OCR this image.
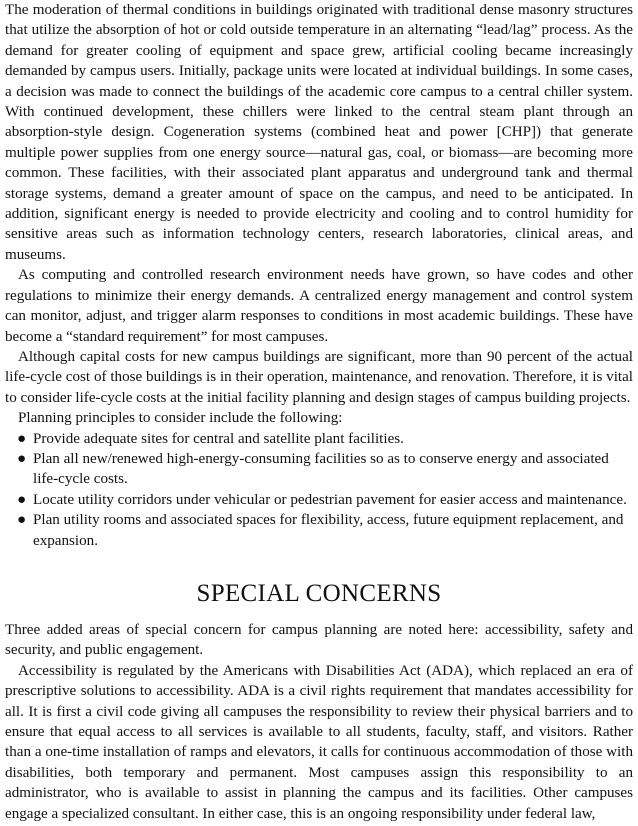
The moderation of thermal conditions in buildings originated with traditional dense masonry structures that utilize the absorption of hot or cold outside temperature in an alternating “lead/lag” process. As the demand for greater cooling of equipment and space grew, artificial cooling became increasingly demanded by campus users. Initially, package units were located at individual buildings. In some cases, a decision was made to connect the buildings of the academic core campus to a central chiller system. With continued development, these chillers were linked to the central steam plant through an absorption-style design. Cogeneration systems (combined heat and power [CHP]) that generate multiple power supplies from one energy source—natural gas, coal, or biomass—are becoming more common. These facilities, with their associated plant apparatus and underground tank and thermal storage systems, demand a greater amount of space on the campus, and need to be anticipated. In addition, significant energy is needed to provide electricity and cooling and to control humidity for sensitive areas such as information technology centers, research laboratories, clinical areas, and museums.

As computing and controlled research environment needs have grown, so have codes and other regulations to minimize their energy demands. A centralized energy management and control system can monitor, adjust, and trigger alarm responses to conditions in most academic buildings. These have become a “standard requirement” for most campuses.

Although capital costs for new campus buildings are significant, more than 90 percent of the actual life-cycle cost of those buildings is in their operation, maintenance, and renovation. Therefore, it is vital to consider life-cycle costs at the initial facility planning and design stages of campus building projects.

Planning principles to consider include the following:

● Provide adequate sites for central and satellite plant facilities.
● Plan all new/renewed high-energy-consuming facilities so as to conserve energy and associated life-cycle costs.
● Locate utility corridors under vehicular or pedestrian pavement for easier access and maintenance.
● Plan utility rooms and associated spaces for flexibility, access, future equipment replacement, and expansion.
SPECIAL CONCERNS

Three added areas of special concern for campus planning are noted here: accessibility, safety and security, and public engagement.

Accessibility is regulated by the Americans with Disabilities Act (ADA), which replaced an era of prescriptive solutions to accessibility. ADA is a civil rights requirement that mandates accessibility for all. It is first a civil code giving all campuses the responsibility to review their physical barriers and to ensure that equal access to all services is available to all students, faculty, staff, and visitors. Rather than a one-time installation of ramps and elevators, it calls for continuous accommodation of those with disabilities, both temporary and permanent. Most campuses assign this responsibility to an administrator, who is available to assist in planning the campus and its facilities. Other campuses engage a specialized consultant. In either case, this is an ongoing responsibility under federal law,
